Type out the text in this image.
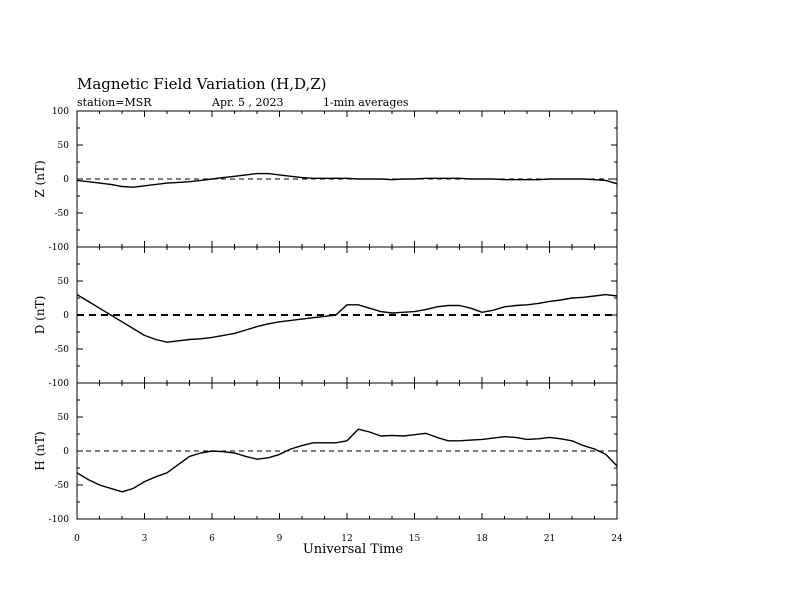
Magnetic Field Variation (H,D,Z)
station=MSR	Apr. 5 , 2023	1-min averages
100
50
0
-50
-100
Z (nT)
50
0
-50
-100
D (nT)
50
0
-50
-100
H (nT)
0	3	6	9	12	15	18	21	24
Universal Time
